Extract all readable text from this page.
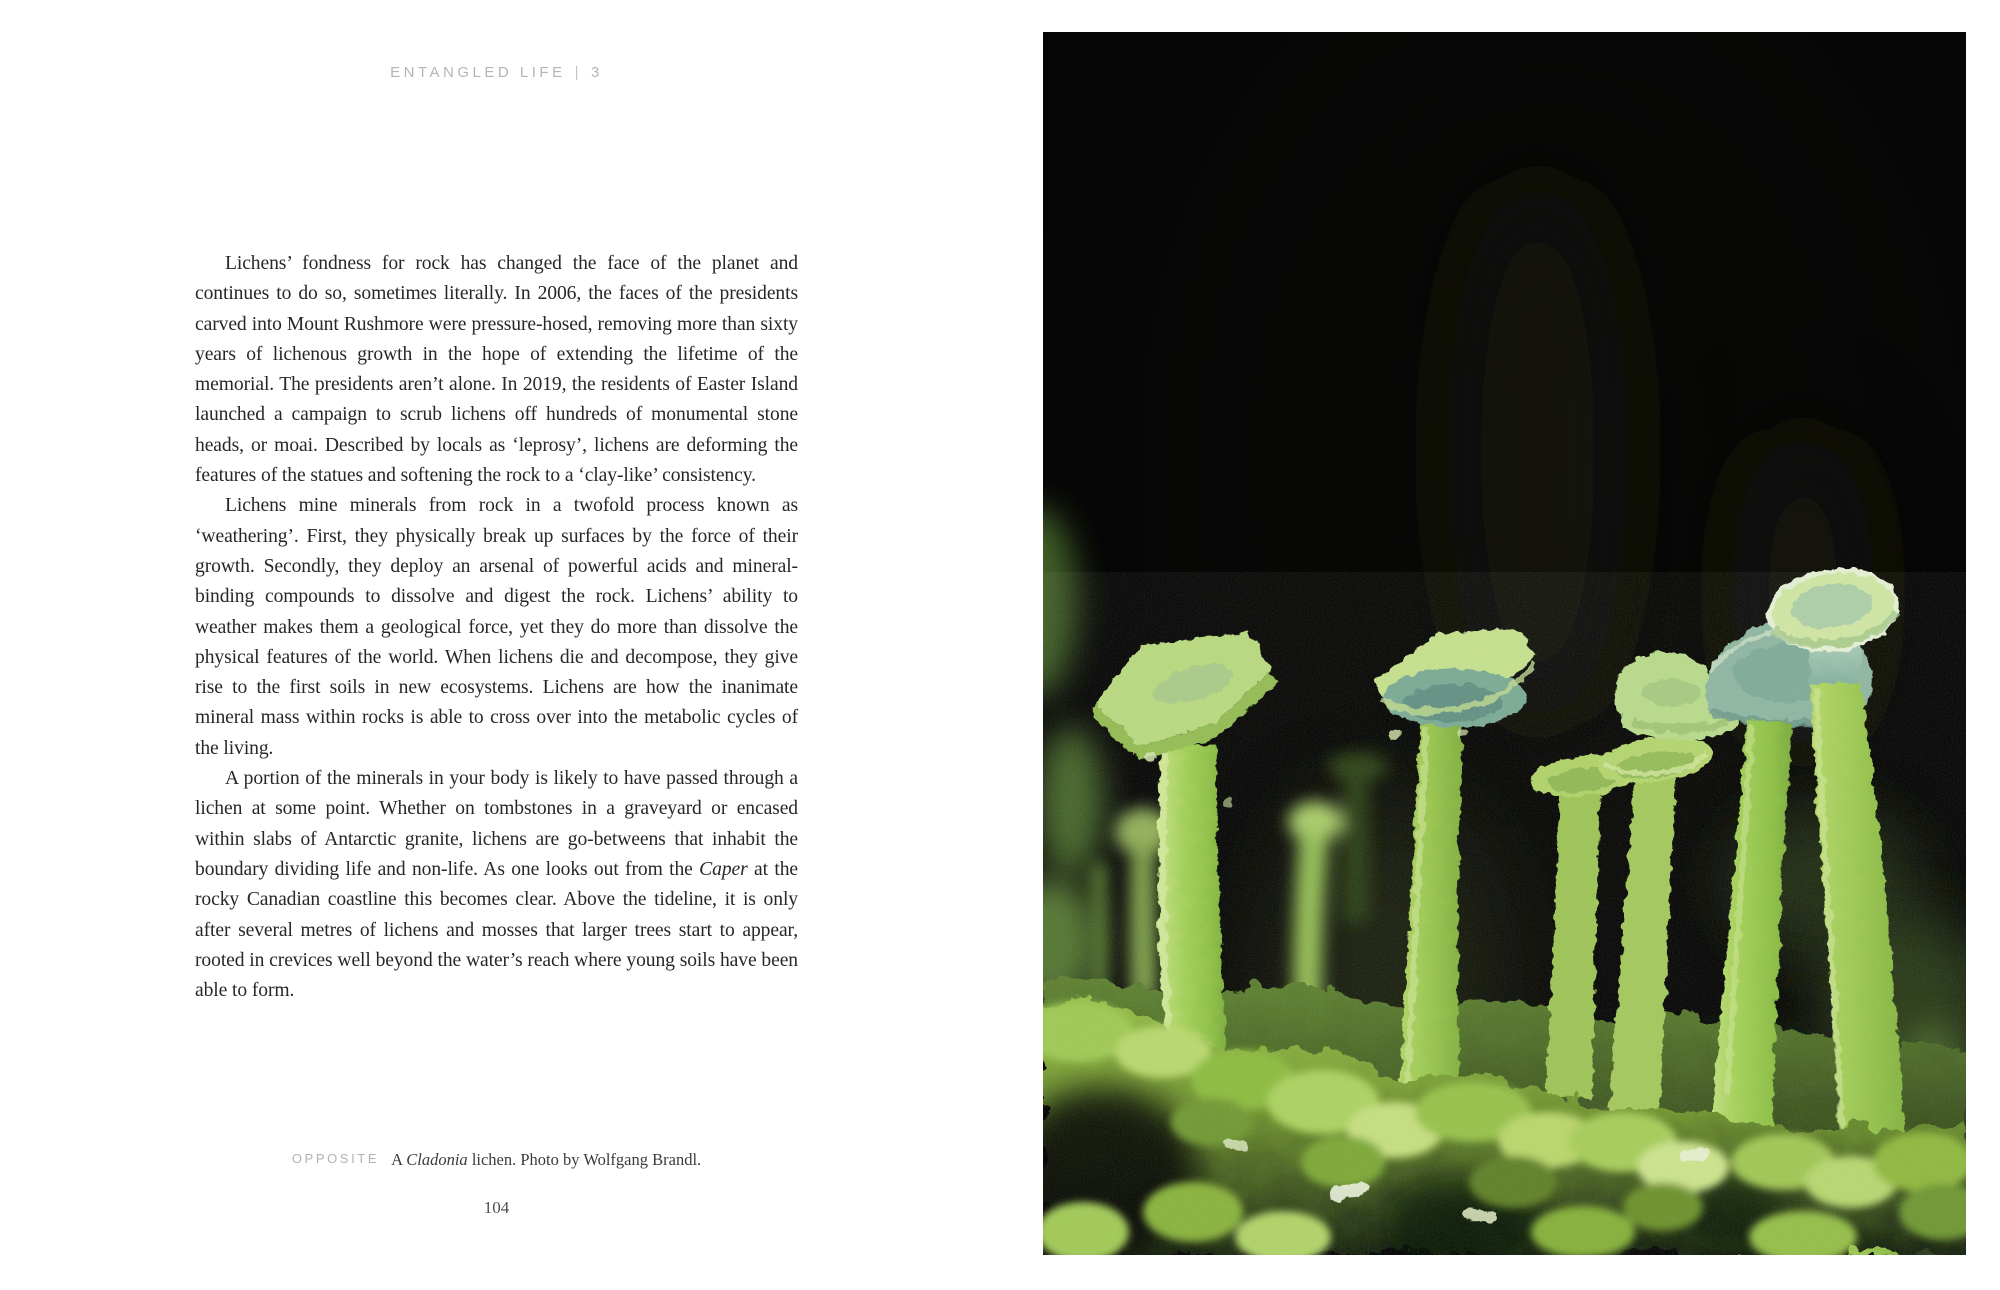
ENTANGLED LIFE | 3

Lichens’ fondness for rock has changed the face of the planet and continues to do so, sometimes literally. In 2006, the faces of the presidents carved into Mount Rushmore were pressure-hosed, removing more than sixty years of lichenous growth in the hope of extending the lifetime of the memorial. The presidents aren’t alone. In 2019, the residents of Easter Island launched a campaign to scrub lichens off hundreds of monumental stone heads, or moai. Described by locals as ‘leprosy’, lichens are deforming the features of the statues and softening the rock to a ‘clay-like’ consistency.

Lichens mine minerals from rock in a twofold process known as ‘weathering’. First, they physically break up surfaces by the force of their growth. Secondly, they deploy an arsenal of powerful acids and mineral-binding compounds to dissolve and digest the rock. Lichens’ ability to weather makes them a geological force, yet they do more than dissolve the physical features of the world. When lichens die and decompose, they give rise to the first soils in new ecosystems. Lichens are how the inanimate mineral mass within rocks is able to cross over into the metabolic cycles of the living.

A portion of the minerals in your body is likely to have passed through a lichen at some point. Whether on tombstones in a graveyard or encased within slabs of Antarctic granite, lichens are go-betweens that inhabit the boundary dividing life and non-life. As one looks out from the Caper at the rocky Canadian coastline this becomes clear. Above the tideline, it is only after several metres of lichens and mosses that larger trees start to appear, rooted in crevices well beyond the water’s reach where young soils have been able to form.

OPPOSITE A Cladonia lichen. Photo by Wolfgang Brandl.
104
